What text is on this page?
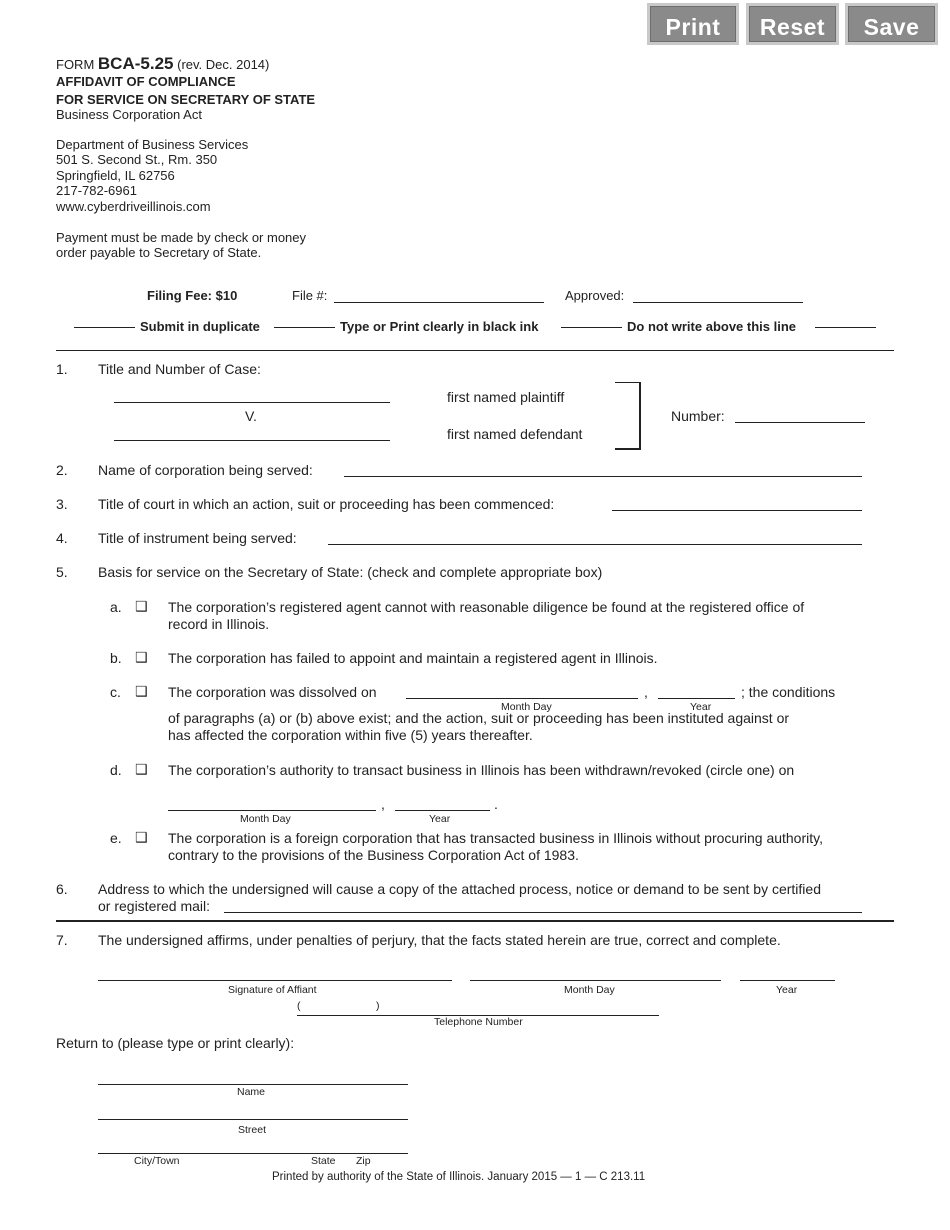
Print	Reset	Save
FORM BCA-5.25 (rev. Dec. 2014)
AFFIDAVIT OF COMPLIANCE
FOR SERVICE ON SECRETARY OF STATE
Business Corporation Act
Department of Business Services
501 S. Second St., Rm. 350
Springfield, IL 62756
217-782-6961
www.cyberdriveillinois.com
Payment must be made by check or money
order payable to Secretary of State.
Filing Fee: $10	File #:	Approved:
Submit in duplicate	Type or Print clearly in black ink	Do not write above this line
1. Title and Number of Case:
V.
first named plaintiff
first named defendant
Number:
2. Name of corporation being served:
3. Title of court in which an action, suit or proceeding has been commenced:
4. Title of instrument being served:
5. Basis for service on the Secretary of State: (check and complete appropriate box)
a. ❑ The corporation’s registered agent cannot with reasonable diligence be found at the registered office of
record in Illinois.
b. ❑ The corporation has failed to appoint and maintain a registered agent in Illinois.
c. ❑ The corporation was dissolved on	,	; the conditions
Month Day	Year
of paragraphs (a) or (b) above exist; and the action, suit or proceeding has been instituted against or
has affected the corporation within five (5) years thereafter.
d. ❑ The corporation’s authority to transact business in Illinois has been withdrawn/revoked (circle one) on
,	.
Month Day	Year
e. ❑ The corporation is a foreign corporation that has transacted business in Illinois without procuring authority,
contrary to the provisions of the Business Corporation Act of 1983.
6. Address to which the undersigned will cause a copy of the attached process, notice or demand to be sent by certified
or registered mail:
7. The undersigned affirms, under penalties of perjury, that the facts stated herein are true, correct and complete.
Signature of Affiant	Month Day	Year
(	)
Telephone Number
Return to (please type or print clearly):
Name
Street
City/Town	State Zip
Printed by authority of the State of Illinois. January 2015 — 1 — C 213.11
